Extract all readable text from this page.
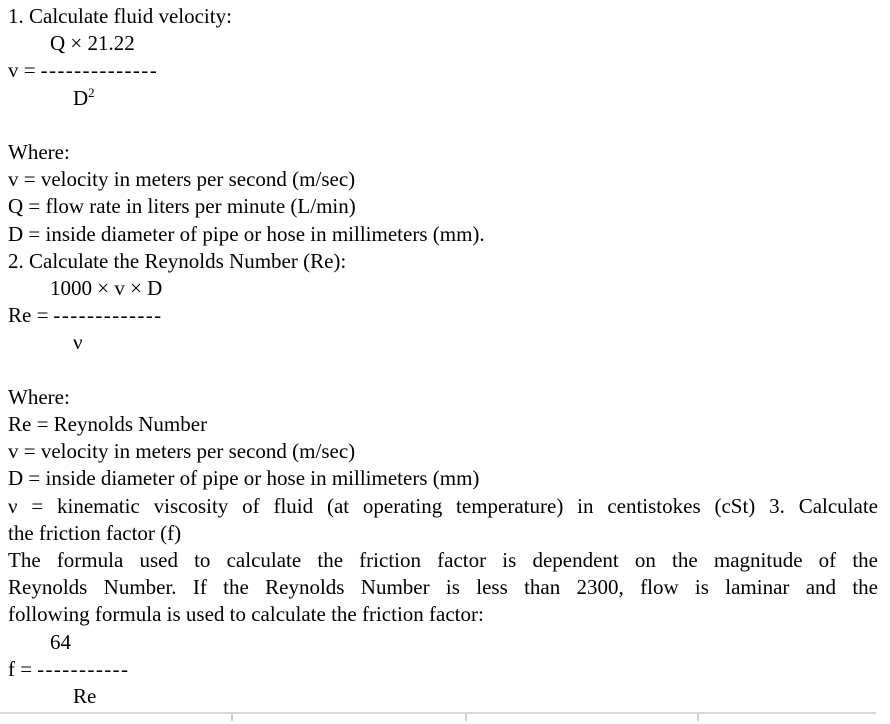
1. Calculate fluid velocity:
Q × 21.22
v = --------------
$D^2$
Where:
v = velocity in meters per second (m/sec)
Q = flow rate in liters per minute (L/min)
D = inside diameter of pipe or hose in millimeters (mm).
2. Calculate the Reynolds Number (Re):
1000 × v × D
Re = -------------
ν
Where:
Re = Reynolds Number
v = velocity in meters per second (m/sec)
D = inside diameter of pipe or hose in millimeters (mm)
ν = kinematic viscosity of fluid (at operating temperature) in centistokes (cSt) 3. Calculate
the friction factor (f)
The formula used to calculate the friction factor is dependent on the magnitude of the
Reynolds Number. If the Reynolds Number is less than 2300, flow is laminar and the
following formula is used to calculate the friction factor:
64
f = -----------
Re
